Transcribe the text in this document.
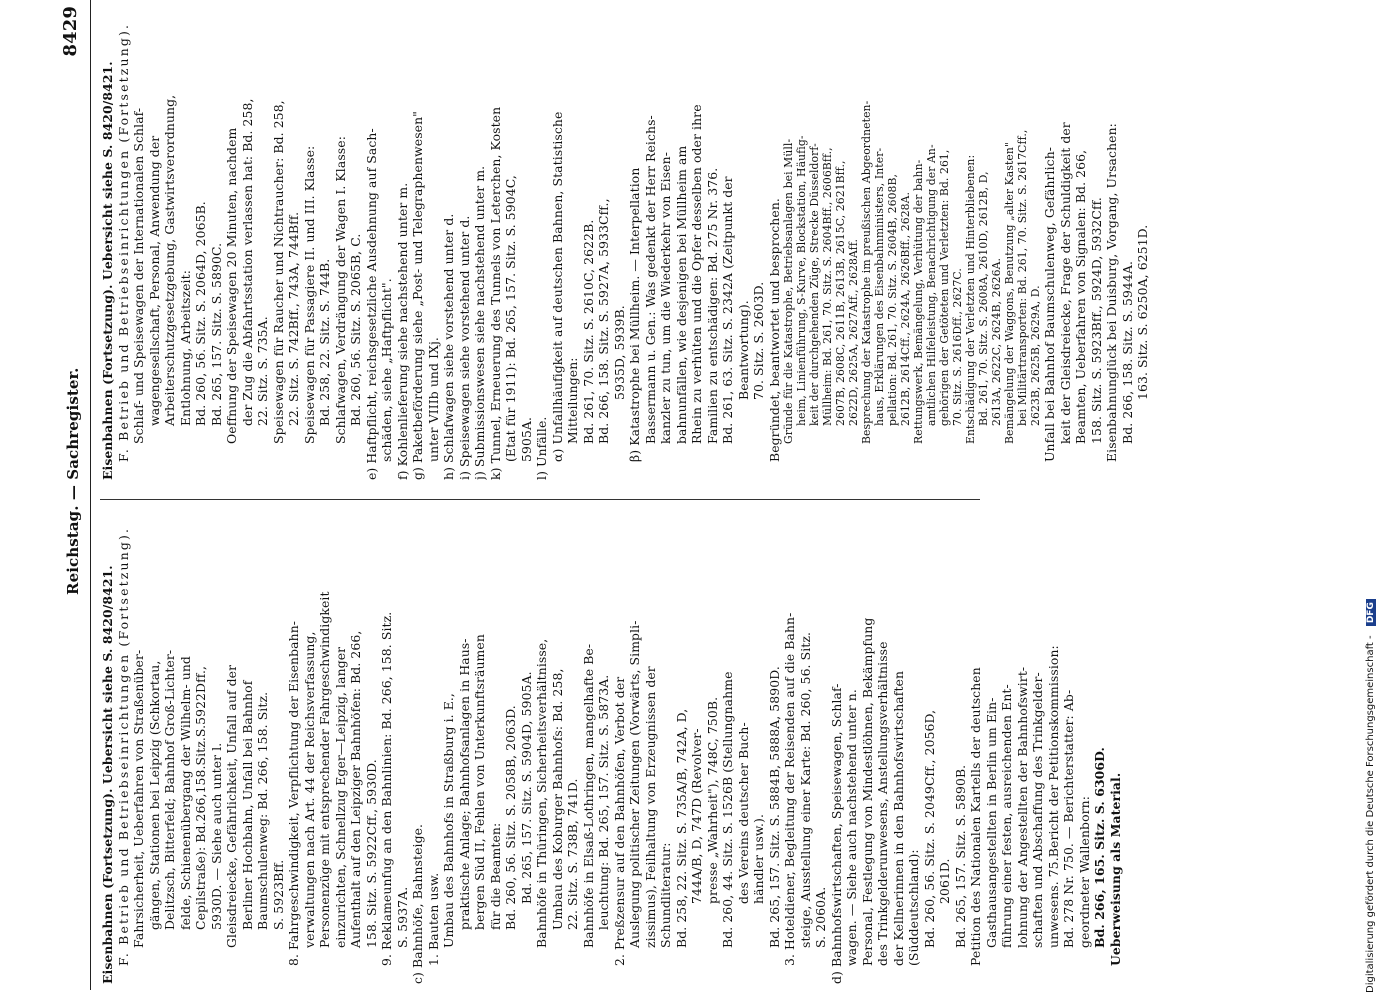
Reichstag. — Sachregister.
8429
Eisenbahnen (Fortsetzung). Uebersicht siehe S. 8420/8421. F. Betrieb und Betriebseinrichtungen (Fortsetzung). Fahrsicherheit, Ueberfahren von Straßenüber- gängen, Stationen bei Leipzig (Schkortau, Delitzsch, Bitterfeld; Bahnhof Groß-Lichter- felde, Schienenübergang der Wilhelm- und Cepilstraße): Bd.266,158.Sitz.S.5922Dff., 5930D. — Siehe auch unter l. Gleisdreiecke, Gefährlichkeit, Unfall auf der Berliner Hochbahn, Unfall bei Bahnhof Baumschulenweg: Bd. 266, 158. Sitz. S. 5923Bff. 8. Fahrgeschwindigkeit, Verpflichtung der Eisenbahn- verwaltungen nach Art. 44 der Reichsverfassung, Personenzüge mit entsprechender Fahrgeschwindigkeit einzurichten, Schnellzug Eger—Leipzig, langer Aufenthalt auf den Leipziger Bahnhöfen: Bd. 266, 158. Sitz. S. 5922Cff., 5930D. 9. Reklameunfug an den Bahnlinien: Bd. 266, 158. Sitz. S. 5937A. c) Bahnhöfe, Bahnsteige. 1. Bauten usw. Umbau des Bahnhofs in Straßburg i. E., praktische Anlage; Bahnhofsanlagen in Haus- bergen Süd II, Fehlen von Unterkunftsräumen für die Beamten: Bd. 260, 56. Sitz. S. 2058B, 2063D. Bd. 265, 157. Sitz. S. 5904D, 5905A. Bahnhöfe in Thüringen, Sicherheitsverhältnisse, Umbau des Koburger Bahnhofs: Bd. 258, 22. Sitz. S. 738B, 741D. Bahnhöfe in Elsaß-Lothringen, mangelhafte Be- leuchtung: Bd. 265, 157. Sitz. S. 5873A. 2. Preßzensur auf den Bahnhöfen, Verbot der Auslegung politischer Zeitungen (Vorwärts, Simpli- zissimus), Feilhaltung von Erzeugnissen der Schundliteratur: Bd. 258, 22. Sitz. S. 735A/B, 742A, D, 744A/B, D, 747D (Revolver- presse „Wahrheit"), 748C, 750B. Bd. 260, 44. Sitz. S. 1526B (Stellungnahme des Vereins deutscher Buch- händler usw.). Bd. 265, 157. Sitz. S. 5884B, 5888A, 5890D. 3. Hoteldiener, Begleitung der Reisenden auf die Bahn- steige, Ausstellung einer Karte: Bd. 260, 56. Sitz. S. 2060A. d) Bahnhofswirtschaften, Speisewagen, Schlaf- wagen. — Siehe auch nachstehend unter n. Personal, Festlegung von Mindestlöhnen, Bekämpfung des Trinkgelderunwesens, Anstellungsverhältnisse der Kellnerinnen in den Bahnhofswirtschaften (Süddeutschland): Bd. 260, 56. Sitz. S. 2049Cff., 2056D, 2061D. Bd. 265, 157. Sitz. S. 5890B. Petition des Nationalen Kartells der deutschen Gasthausangestellten in Berlin um Ein- führung einer festen, ausreichenden Ent- lohnung der Angestellten der Bahnhofswirt- schaften und Abschaffung des Trinkgelder- unwesens. 75.Bericht der Petitionskommission: Bd. 278 Nr. 750. — Berichterstatter: Ab- geordneter Wallenborn: Bd. 266, 165. Sitz. S. 6306D. Ueberweisung als Material.
Eisenbahnen (Fortsetzung). Uebersicht siehe S. 8420/8421. F. Betrieb und Betriebseinrichtungen (Fortsetzung). Schlaf- und Speisewagen der Internationalen Schlaf- wagengesellschaft, Personal, Anwendung der Arbeiterschutzgesetzgebung, Gastwirtsverordnung, Entlohnung, Arbeitszeit: Bd. 260, 56. Sitz. S. 2064D, 2065B. Bd. 265, 157. Sitz. S. 5890C. Oeffnung der Speisewagen 20 Minuten, nachdem der Zug die Abfahrtsstation verlassen hat: Bd. 258, 22. Sitz. S. 735A. Speisewagen für Raucher und Nichtraucher: Bd. 258, 22. Sitz. S. 742Bff., 743A, 744Bff. Speisewagen für Passagiere II. und III. Klasse: Bd. 258, 22. Sitz. S. 744B. Schlafwagen, Verdrängung der Wagen I. Klasse: Bd. 260, 56. Sitz. S. 2065B, C. e) Haftpflicht, reichsgesetzliche Ausdehnung auf Sach- schäden, siehe „Haftpflicht". f) Kohlenlieferung siehe nachstehend unter m. g) Paketbeförderung siehe „Post- und Telegraphenwesen" unter VIIIb und IXj. h) Schlafwagen siehe vorstehend unter d. i) Speisewagen siehe vorstehend unter d. j) Submissionswesen siehe nachstehend unter m. k) Tunnel, Erneuerung des Tunnels von Leterchen, Kosten (Etat für 1911): Bd. 265, 157. Sitz. S. 5904C, 5905A. l) Unfälle. α) Unfallhäufigkeit auf deutschen Bahnen, Statistische Mitteilungen: Bd. 261, 70. Sitz. S. 2610C, 2622B. Bd. 266, 158. Sitz. S. 5927A, 5933Cff., 5935D, 5939B. β) Katastrophe bei Müllheim. — Interpellation Bassermann u. Gen.: Was gedenkt der Herr Reichs- kanzler zu tun, um die Wiederkehr von Eisen- bahnunfällen, wie desjenigen bei Müllheim am Rhein zu verhüten und die Opfer desselben oder ihre Familien zu entschädigen: Bd. 275 Nr. 376. Bd. 261, 63. Sitz. S. 2342A (Zeitpunkt der Beantwortung). 70. Sitz. S. 2603D. Begründet, beantwortet und besprochen. Gründe für die Katastrophe, Betriebsanlagen bei Müll- heim, Linienführung, S-Kurve, Blockstation, Häufig- keit der durchgehenden Züge, Strecke Düsseldorf- Müllheim: Bd. 261, 70. Sitz. S. 2604Bff., 2606Bff., 2607B, 2608C, 2611B, 2613B, 2615C, 2621Bff., 2622D, 2625A, 2627Aff., 2628Aff. Besprechung der Katastrophe im preußischen Abgeordneten- haus, Erklärungen des Eisenbahnministers, Inter- pellation: Bd. 261, 70. Sitz. S. 2604B, 2608B, 2612B, 2614Cff., 2624A, 2626Bff., 2628A. Rettungswerk, Bemängelung, Verhütung der bahn- amtlichen Hilfeleistung, Benachrichtigung der An- gehörigen der Getöteten und Verletzten: Bd. 261, 70. Sitz. S. 2616Dff., 2627C. Entschädigung der Verletzten und Hinterbliebenen: Bd. 261, 70. Sitz. S. 2608A, 2610D, 2612B, D, 2613A, 2622C, 2624B, 2626A. Bemängelung der Waggons, Benutzung „alter Kasten" bei Militärtransporten: Bd. 261, 70. Sitz. S. 2617Cff., 2623B, 2625B, 2629A, D. Unfall bei Bahnhof Baumschulenweg, Gefährlich- keit der Gleisdreiecke, Frage der Schuldigkeit der Beamten, Ueberfahren von Signalen: Bd. 266, 158. Sitz. S. 5923Bff., 5924D, 5932Cff. Eisenbahnunglück bei Duisburg, Vorgang, Ursachen: Bd. 266, 158. Sitz. S. 5944A. 163. Sitz. S. 6250A, 6251D.
Digitalisierung gefördert durch die Deutsche Forschungsgemeinschaft - DFG
